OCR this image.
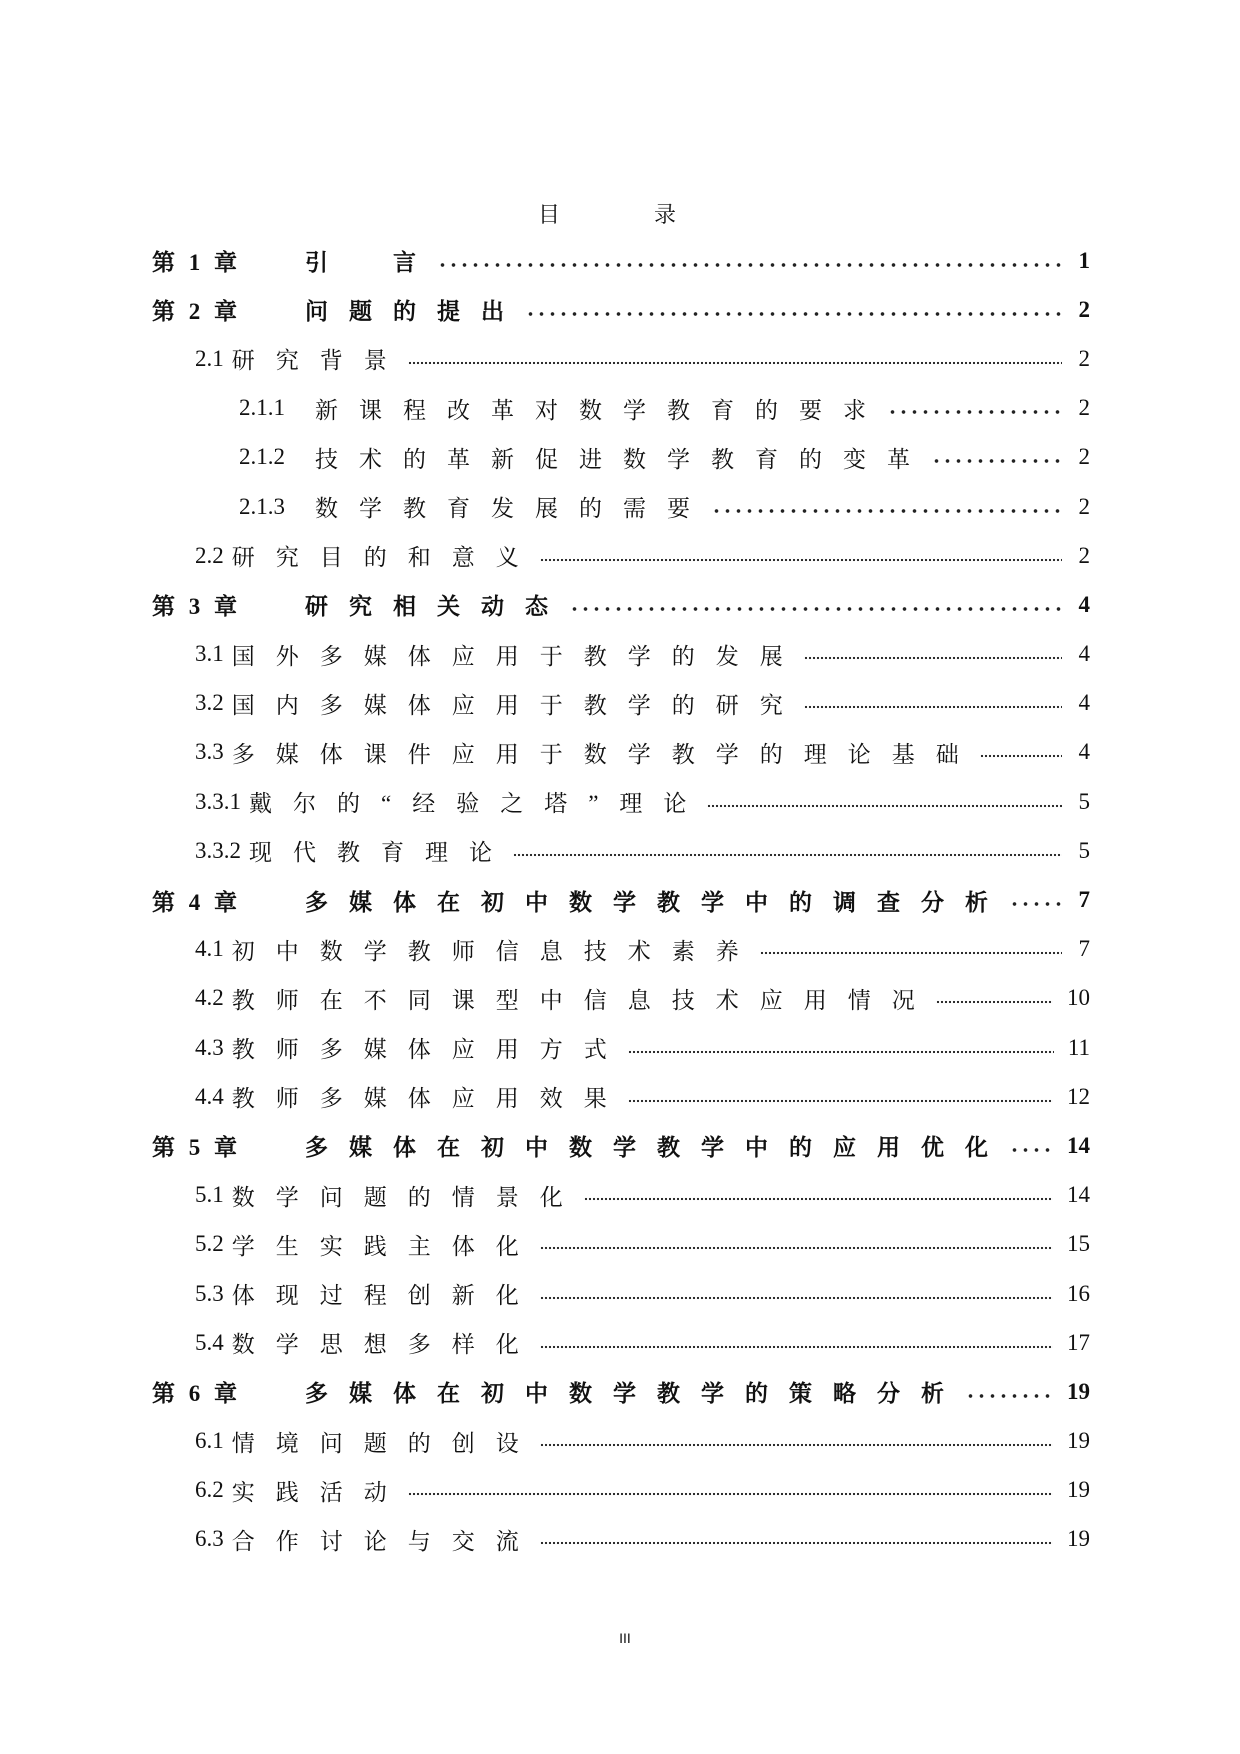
目　录
第 1 章	引　言	1
第 2 章	问题的提出	2
2.1 研究背景	2
2.1.1 新课程改革对数学教育的要求	2
2.1.2 技术的革新促进数学教育的变革	2
2.1.3 数学教育发展的需要	2
2.2 研究目的和意义	2
第 3 章	研究相关动态	4
3.1 国外多媒体应用于教学的发展	4
3.2 国内多媒体应用于教学的研究	4
3.3 多媒体课件应用于数学教学的理论基础	4
3.3.1 戴尔的“经验之塔”理论	5
3.3.2 现代教育理论	5
第 4 章	多媒体在初中数学教学中的调查分析	7
4.1 初中数学教师信息技术素养	7
4.2 教师在不同课型中信息技术应用情况	10
4.3 教师多媒体应用方式	11
4.4 教师多媒体应用效果	12
第 5 章	多媒体在初中数学教学中的应用优化	14
5.1 数学问题的情景化	14
5.2 学生实践主体化	15
5.3 体现过程创新化	16
5.4 数学思想多样化	17
第 6 章	多媒体在初中数学教学的策略分析	19
6.1 情境问题的创设	19
6.2 实践活动	19
6.3 合作讨论与交流	19
III
